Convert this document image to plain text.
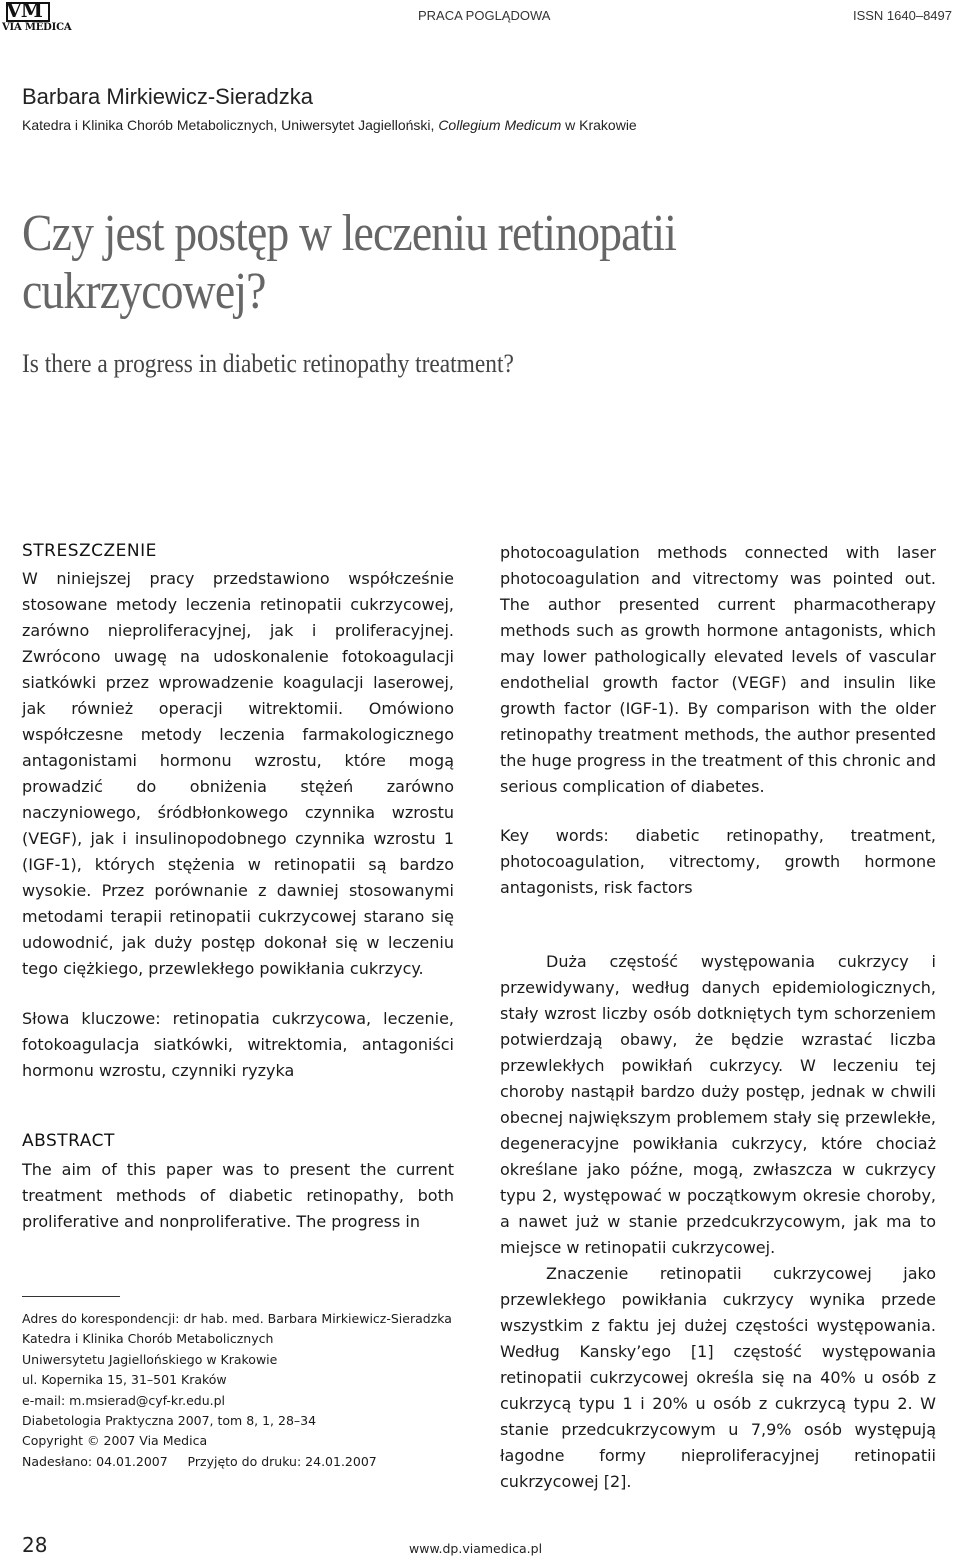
VM
VIA MEDICA
PRACA POGLĄDOWA	ISSN 1640–8497
Barbara Mirkiewicz-Sieradzka
Katedra i Klinika Chorób Metabolicznych, Uniwersytet Jagielloński, Collegium Medicum w Krakowie
Czy jest postęp w leczeniu retinopatii cukrzycowej?
Is there a progress in diabetic retinopathy treatment?
STRESZCZENIE

W niniejszej pracy przedstawiono współcześnie stosowane metody leczenia retinopatii cukrzycowej, zarówno nieproliferacyjnej, jak i proliferacyjnej. Zwrócono uwagę na udoskonalenie fotokoagulacji siatkówki przez wprowadzenie koagulacji laserowej, jak również operacji witrektomii. Omówiono współczesne metody leczenia farmakologicznego antagonistami hormonu wzrostu, które mogą prowadzić do obniżenia stężeń zarówno naczyniowego, śródbłonkowego czynnika wzrostu (VEGF), jak i insulinopodobnego czynnika wzrostu 1 (IGF-1), których stężenia w retinopatii są bardzo wysokie. Przez porównanie z dawniej stosowanymi metodami terapii retinopatii cukrzycowej starano się udowodnić, jak duży postęp dokonał się w leczeniu tego ciężkiego, przewlekłego powikłania cukrzycy.

Słowa kluczowe: retinopatia cukrzycowa, leczenie, fotokoagulacja siatkówki, witrektomia, antagoniści hormonu wzrostu, czynniki ryzyka

ABSTRACT

The aim of this paper was to present the current treatment methods of diabetic retinopathy, both proliferative and nonproliferative. The progress in

Adres do korespondencji: dr hab. med. Barbara Mirkiewicz-Sieradzka
Katedra i Klinika Chorób Metabolicznych
Uniwersytetu Jagiellońskiego w Krakowie
ul. Kopernika 15, 31–501 Kraków
e-mail: m.msierad@cyf-kr.edu.pl
Diabetologia Praktyczna 2007, tom 8, 1, 28–34
Copyright © 2007 Via Medica
Nadesłano: 04.01.2007     Przyjęto do druku: 24.01.2007

photocoagulation methods connected with laser photocoagulation and vitrectomy was pointed out. The author presented current pharmacotherapy methods such as growth hormone antagonists, which may lower pathologically elevated levels of vascular endothelial growth factor (VEGF) and insulin like growth factor (IGF-1). By comparison with the older retinopathy treatment methods, the author presented the huge progress in the treatment of this chronic and serious complication of diabetes.

Key words: diabetic retinopathy, treatment, photocoagulation, vitrectomy, growth hormone antagonists, risk factors

Duża częstość występowania cukrzycy i przewidywany, według danych epidemiologicznych, stały wzrost liczby osób dotkniętych tym schorzeniem potwierdzają obawy, że będzie wzrastać liczba przewlekłych powikłań cukrzycy. W leczeniu tej choroby nastąpił bardzo duży postęp, jednak w chwili obecnej największym problemem stały się przewlekłe, degeneracyjne powikłania cukrzycy, które chociaż określane jako późne, mogą, zwłaszcza w cukrzycy typu 2, występować w początkowym okresie choroby, a nawet już w stanie przedcukrzycowym, jak ma to miejsce w retinopatii cukrzycowej.

Znaczenie retinopatii cukrzycowej jako przewlekłego powikłania cukrzycy wynika przede wszystkim z faktu jej dużej częstości występowania. Według Kansky’ego [1] częstość występowania retinopatii cukrzycowej określa się na 40% u osób z cukrzycą typu 1 i 20% u osób z cukrzycą typu 2. W stanie przedcukrzycowym u 7,9% osób występują łagodne formy nieproliferacyjnej retinopatii cukrzycowej [2].

28	www.dp.viamedica.pl
